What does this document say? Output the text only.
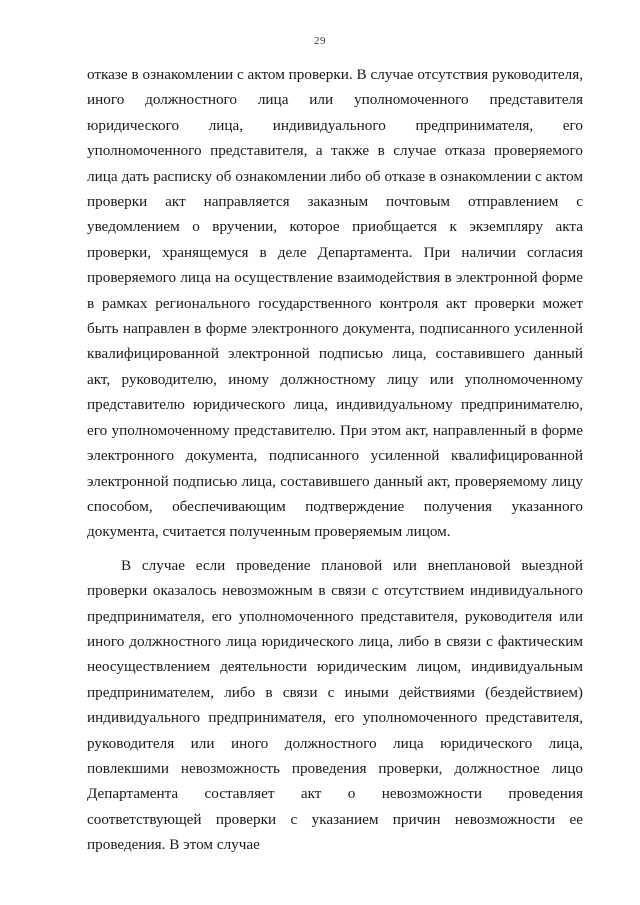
29

отказе в ознакомлении с актом проверки. В случае отсутствия руководителя, иного должностного лица или уполномоченного представителя юридического лица, индивидуального предпринимателя, его уполномоченного представителя, а также в случае отказа проверяемого лица дать расписку об ознакомлении либо об отказе в ознакомлении с актом проверки акт направляется заказным почтовым отправлением с уведомлением о вручении, которое приобщается к экземпляру акта проверки, хранящемуся в деле Департамента. При наличии согласия проверяемого лица на осуществление взаимодействия в электронной форме в рамках регионального государственного контроля акт проверки может быть направлен в форме электронного документа, подписанного усиленной квалифицированной электронной подписью лица, составившего данный акт, руководителю, иному должностному лицу или уполномоченному представителю юридического лица, индивидуальному предпринимателю, его уполномоченному представителю. При этом акт, направленный в форме электронного документа, подписанного усиленной квалифицированной электронной подписью лица, составившего данный акт, проверяемому лицу способом, обеспечивающим подтверждение получения указанного документа, считается полученным проверяемым лицом.

В случае если проведение плановой или внеплановой выездной проверки оказалось невозможным в связи с отсутствием индивидуального предпринимателя, его уполномоченного представителя, руководителя или иного должностного лица юридического лица, либо в связи с фактическим неосуществлением деятельности юридическим лицом, индивидуальным предпринимателем, либо в связи с иными действиями (бездействием) индивидуального предпринимателя, его уполномоченного представителя, руководителя или иного должностного лица юридического лица, повлекшими невозможность проведения проверки, должностное лицо Департамента составляет акт о невозможности проведения соответствующей проверки с указанием причин невозможности ее проведения. В этом случае
